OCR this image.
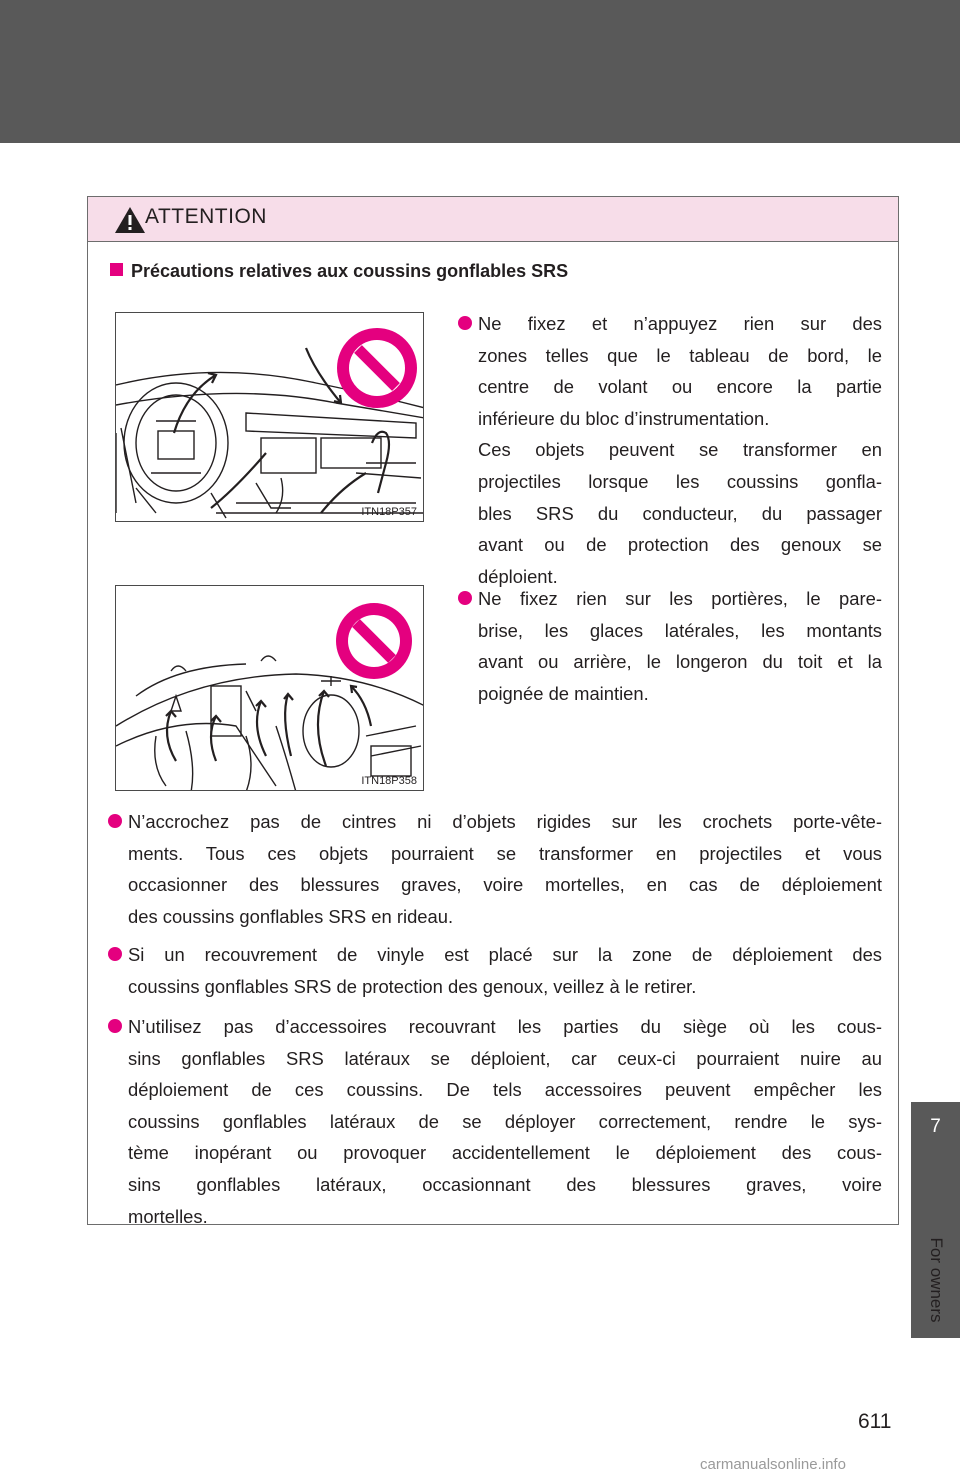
7
For owners
611
ATTENTION
Précautions relatives aux coussins gonflables SRS
ITN18P357
ITN18P358
Ne fixez et n’appuyez rien sur des
zones telles que le tableau de bord, le
centre de volant ou encore la partie
inférieure du bloc d’instrumentation.
Ces objets peuvent se transformer en
projectiles lorsque les coussins gonfla-
bles SRS du conducteur, du passager
avant ou de protection des genoux se
déploient.
Ne fixez rien sur les portières, le pare-
brise, les glaces latérales, les montants
avant ou arrière, le longeron du toit et la
poignée de maintien.
N’accrochez pas de cintres ni d’objets rigides sur les crochets porte-vête-
ments. Tous ces objets pourraient se transformer en projectiles et vous
occasionner des blessures graves, voire mortelles, en cas de déploiement
des coussins gonflables SRS en rideau.
Si un recouvrement de vinyle est placé sur la zone de déploiement des
coussins gonflables SRS de protection des genoux, veillez à le retirer.
N’utilisez pas d’accessoires recouvrant les parties du siège où les cous-
sins gonflables SRS latéraux se déploient, car ceux-ci pourraient nuire au
déploiement de ces coussins. De tels accessoires peuvent empêcher les
coussins gonflables latéraux de se déployer correctement, rendre le sys-
tème inopérant ou provoquer accidentellement le déploiement des cous-
sins gonflables latéraux, occasionnant des blessures graves, voire
mortelles.
carmanualsonline.info
